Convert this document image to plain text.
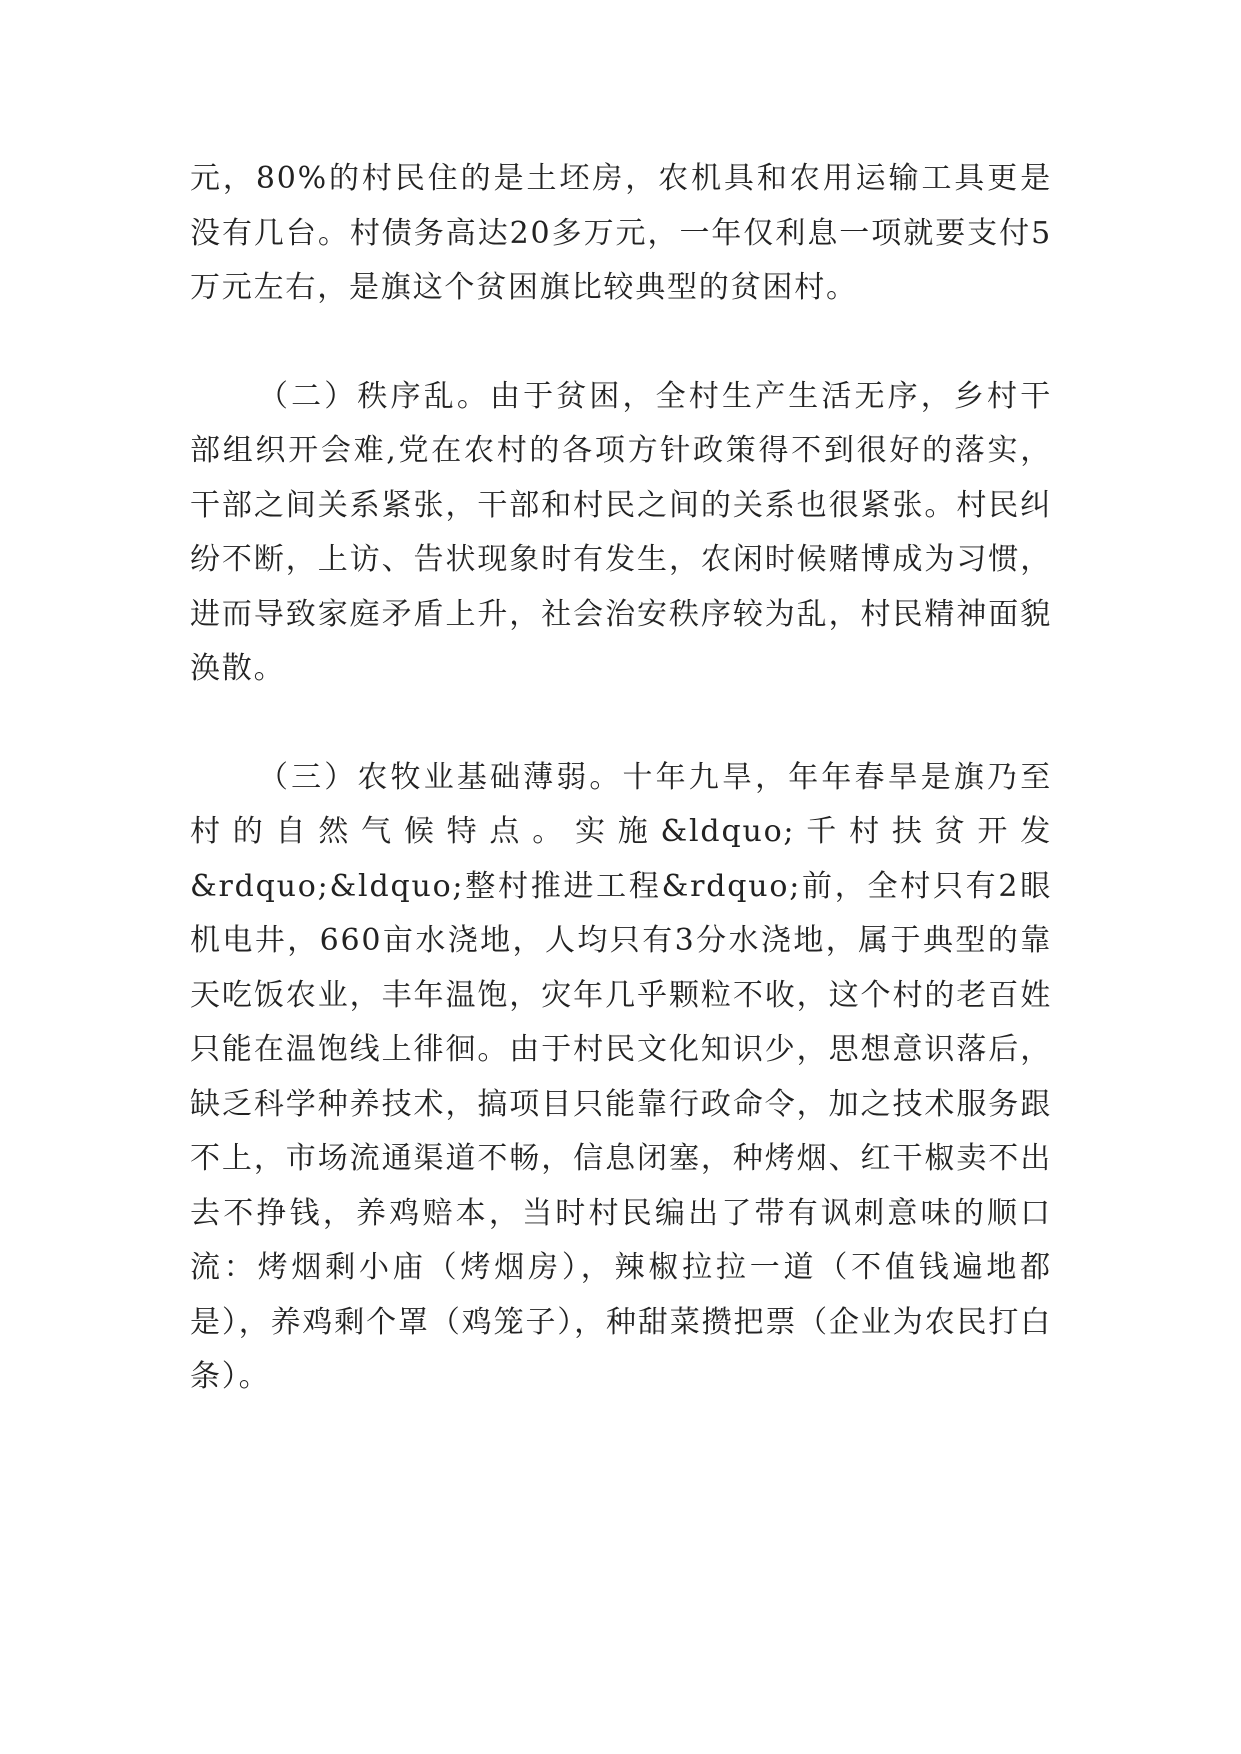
元，80%的村民住的是土坯房，农机具和农用运输工具更是没有几台。村债务高达20多万元，一年仅利息一项就要支付5万元左右，是旗这个贫困旗比较典型的贫困村。

（二）秩序乱。由于贫困，全村生产生活无序，乡村干部组织开会难,党在农村的各项方针政策得不到很好的落实，干部之间关系紧张，干部和村民之间的关系也很紧张。村民纠纷不断，上访、告状现象时有发生，农闲时候赌博成为习惯，进而导致家庭矛盾上升，社会治安秩序较为乱，村民精神面貌涣散。

（三）农牧业基础薄弱。十年九旱，年年春旱是旗乃至村的自然气候特点。实施&ldquo;千村扶贫开发&rdquo;&ldquo;整村推进工程&rdquo;前，全村只有2眼机电井，660亩水浇地，人均只有3分水浇地，属于典型的靠天吃饭农业，丰年温饱，灾年几乎颗粒不收，这个村的老百姓只能在温饱线上徘徊。由于村民文化知识少，思想意识落后，缺乏科学种养技术，搞项目只能靠行政命令，加之技术服务跟不上，市场流通渠道不畅，信息闭塞，种烤烟、红干椒卖不出去不挣钱，养鸡赔本，当时村民编出了带有讽刺意味的顺口流：烤烟剩小庙（烤烟房），辣椒拉拉一道（不值钱遍地都是），养鸡剩个罩（鸡笼子），种甜菜攒把票（企业为农民打白条）。
